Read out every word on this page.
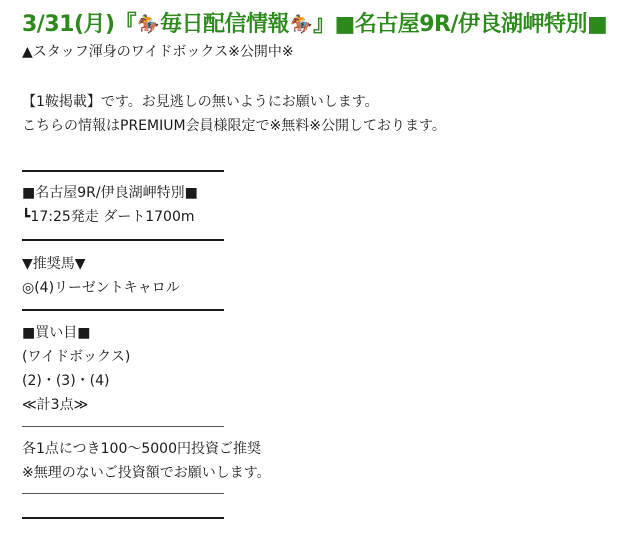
3/31(月)『🏇毎日配信情報🏇』■名古屋9R/伊良湖岬特別■
▲スタッフ渾身のワイドボックス※公開中※
【1鞍掲載】です。お見逃しの無いようにお願いします。
こちらの情報はPREMIUM会員様限定で※無料※公開しております。
■名古屋9R/伊良湖岬特別■
┗17:25発走 ダート1700m
▼推奨馬▼
◎(4)リーゼントキャロル
■買い目■
(ワイドボックス)
(2)・(3)・(4)
≪計3点≫
各1点につき100～5000円投資ご推奨
※無理のないご投資額でお願いします。
